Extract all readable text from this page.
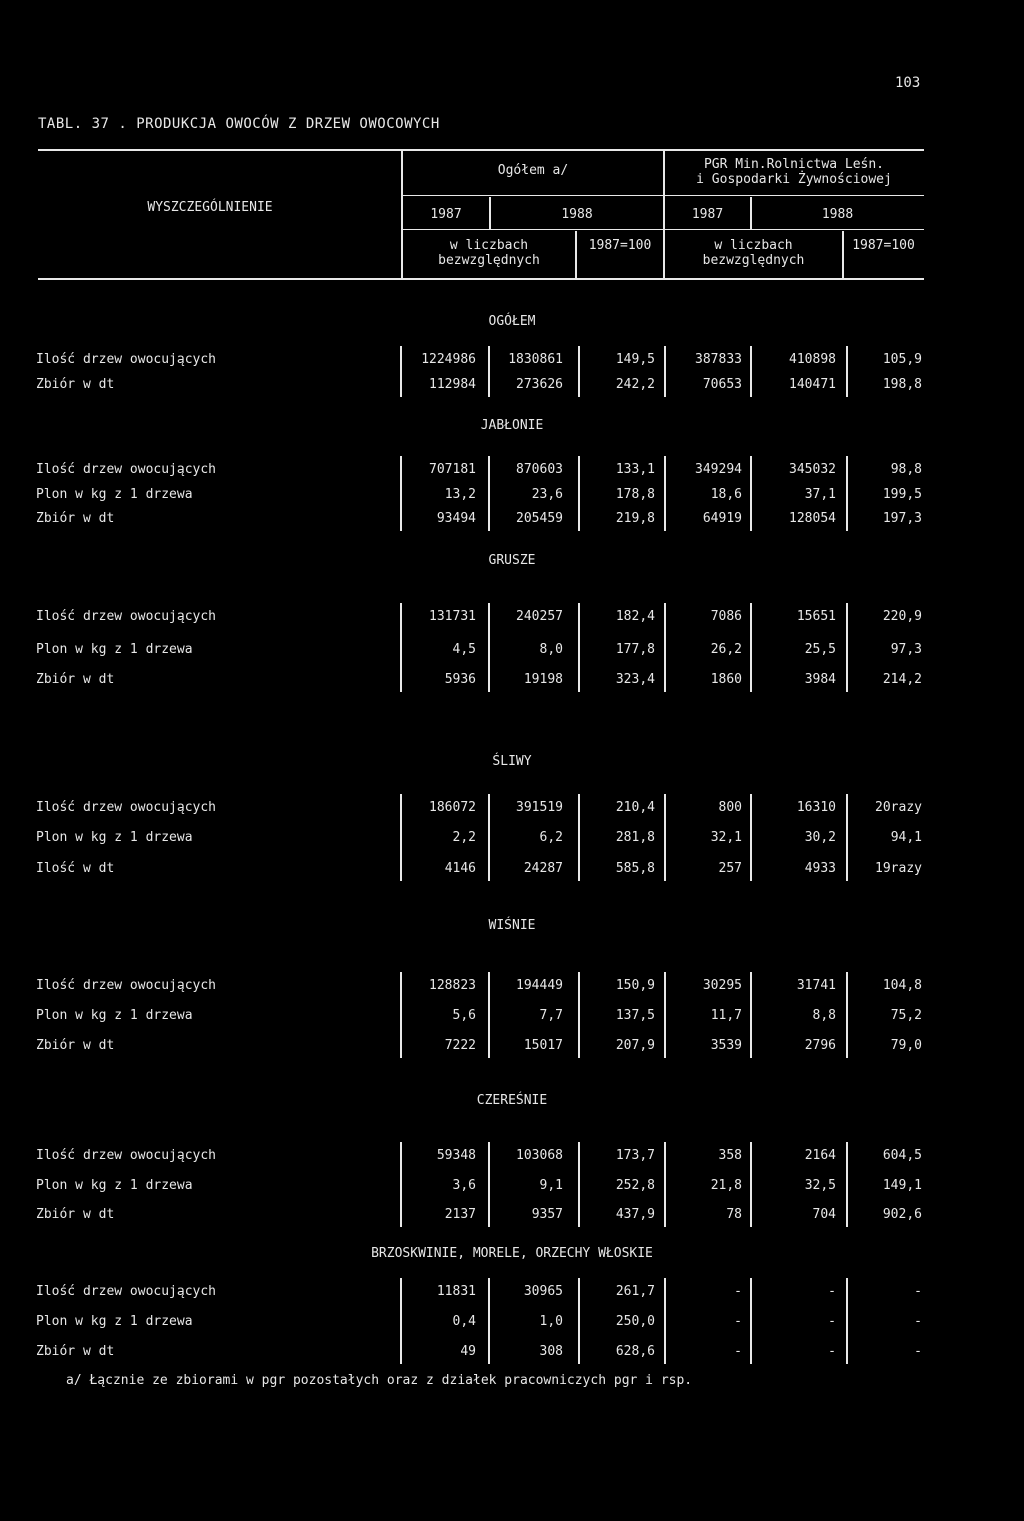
103
TABL. 37 . PRODUKCJA OWOCÓW Z DRZEW OWOCOWYCH
WYSZCZEGÓLNIENIE
Ogółem a/	PGR Min.Rolnictwa Leśn.
i Gospodarki Żywnościowej
1987	1988	1987	1988
w liczbach
bezwzględnych
1987=100	w liczbach
bezwzględnych
1987=100
OGÓŁEM
Ilość drzew owocujących	1224986	1830861	149,5	387833	410898	105,9
Zbiór w dt	112984	273626	242,2	70653	140471	198,8
JABŁONIE
Ilość drzew owocujących	707181	870603	133,1	349294	345032	98,8
Plon w kg z 1 drzewa	13,2	23,6	178,8	18,6	37,1	199,5
Zbiór w dt	93494	205459	219,8	64919	128054	197,3
GRUSZE
Ilość drzew owocujących	131731	240257	182,4	7086	15651	220,9
Plon w kg z 1 drzewa	4,5	8,0	177,8	26,2	25,5	97,3
Zbiór w dt	5936	19198	323,4	1860	3984	214,2
ŚLIWY
Ilość drzew owocujących	186072	391519	210,4	800	16310	20razy
Plon w kg z 1 drzewa	2,2	6,2	281,8	32,1	30,2	94,1
Ilość w dt	4146	24287	585,8	257	4933	19razy
WIŚNIE
Ilość drzew owocujących	128823	194449	150,9	30295	31741	104,8
Plon w kg z 1 drzewa	5,6	7,7	137,5	11,7	8,8	75,2
Zbiór w dt	7222	15017	207,9	3539	2796	79,0
CZEREŚNIE
Ilość drzew owocujących	59348	103068	173,7	358	2164	604,5
Plon w kg z 1 drzewa	3,6	9,1	252,8	21,8	32,5	149,1
Zbiór w dt	2137	9357	437,9	78	704	902,6
BRZOSKWINIE, MORELE, ORZECHY WŁOSKIE
Ilość drzew owocujących	11831	30965	261,7	-	-	-
Plon w kg z 1 drzewa	0,4	1,0	250,0	-	-	-
Zbiór w dt	49	308	628,6	-	-	-
a/ Łącznie ze zbiorami w pgr pozostałych oraz z działek pracowniczych pgr i rsp.
